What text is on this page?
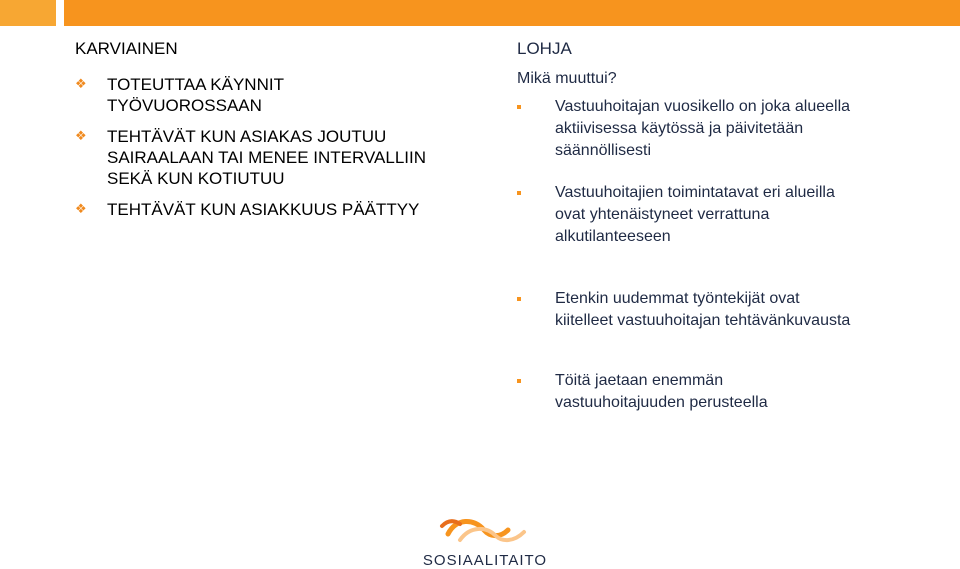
KARVIAINEN
❖ TOTEUTTAA KÄYNNIT
TYÖVUOROSSAAN
❖ TEHTÄVÄT KUN ASIAKAS JOUTUU
SAIRAALAAN TAI MENEE INTERVALLIIN
SEKÄ KUN KOTIUTUU
❖ TEHTÄVÄT KUN ASIAKKUUS PÄÄTTYY
LOHJA
Mikä muuttui?
Vastuuhoitajan vuosikello on joka alueella
aktiivisessa käytössä ja päivitetään
säännöllisesti
Vastuuhoitajien toimintatavat eri alueilla
ovat yhtenäistyneet verrattuna
alkutilanteeseen
Etenkin uudemmat työntekijät ovat
kiitelleet vastuuhoitajan tehtävänkuvausta
Töitä jaetaan enemmän
vastuuhoitajuuden perusteella
SOSIAALITAITO
